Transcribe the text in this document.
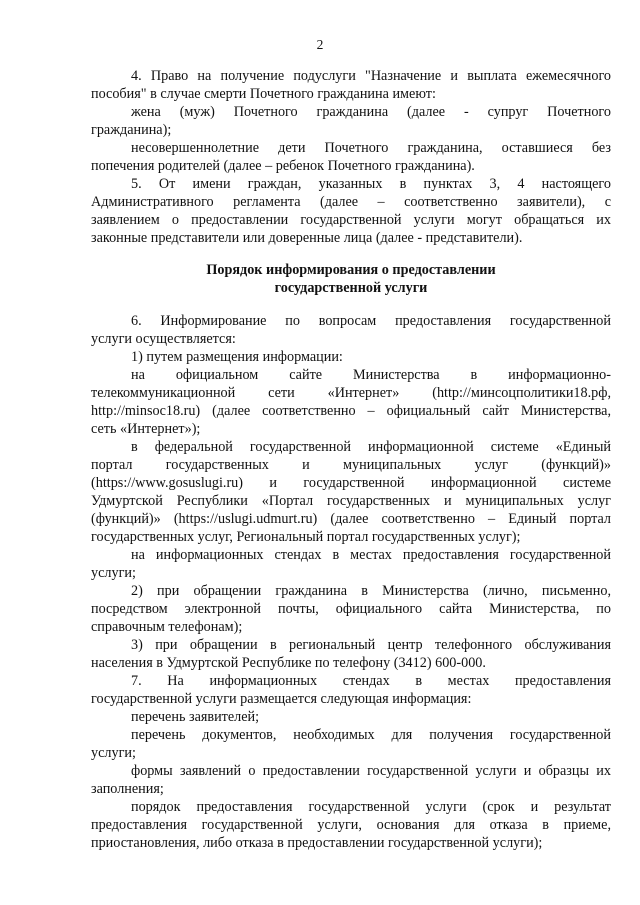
2
4. Право на получение подуслуги "Назначение и выплата ежемесячного
пособия" в случае смерти Почетного гражданина имеют:
жена (муж) Почетного гражданина (далее - супруг Почетного
гражданина);
несовершеннолетние дети Почетного гражданина, оставшиеся без
попечения родителей (далее – ребенок Почетного гражданина).
5. От имени граждан, указанных в пунктах 3, 4 настоящего
Административного регламента (далее – соответственно заявители), с
заявлением о предоставлении государственной услуги могут обращаться их
законные представители или доверенные лица (далее - представители).
Порядок информирования о предоставлении
государственной услуги
6. Информирование по вопросам предоставления государственной
услуги осуществляется:
1) путем размещения информации:
на официальном сайте Министерства в информационно-
телекоммуникационной сети «Интернет» (http://минсоцполитики18.рф,
http://minsoc18.ru) (далее соответственно – официальный сайт Министерства,
сеть «Интернет»);
в федеральной государственной информационной системе «Единый
портал государственных и муниципальных услуг (функций)»
(https://www.gosuslugi.ru) и государственной информационной системе
Удмуртской Республики «Портал государственных и муниципальных услуг
(функций)» (https://uslugi.udmurt.ru) (далее соответственно – Единый портал
государственных услуг, Региональный портал государственных услуг);
на информационных стендах в местах предоставления государственной
услуги;
2) при обращении гражданина в Министерства (лично, письменно,
посредством электронной почты, официального сайта Министерства, по
справочным телефонам);
3) при обращении в региональный центр телефонного обслуживания
населения в Удмуртской Республике по телефону (3412) 600-000.
7. На информационных стендах в местах предоставления
государственной услуги размещается следующая информация:
перечень заявителей;
перечень документов, необходимых для получения государственной
услуги;
формы заявлений о предоставлении государственной услуги и образцы их
заполнения;
порядок предоставления государственной услуги (срок и результат
предоставления государственной услуги, основания для отказа в приеме,
приостановления, либо отказа в предоставлении государственной услуги);
